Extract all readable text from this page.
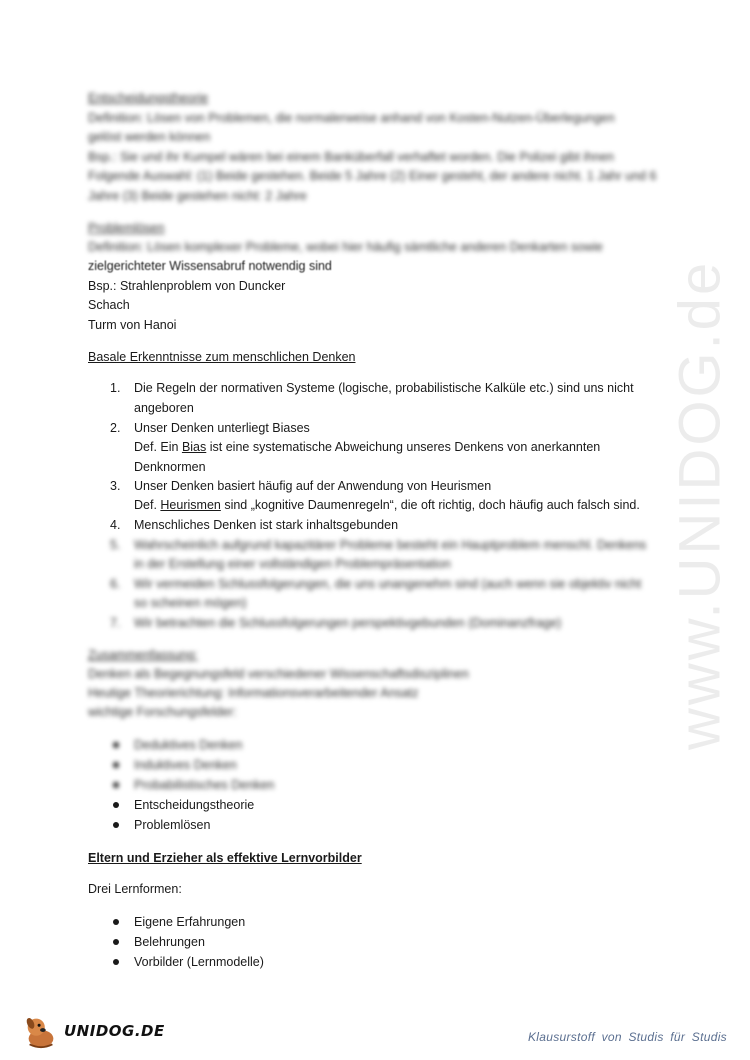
www.UNIDOG.de
Entscheidungstheorie
Definition: Lösen von Problemen, die normalerweise anhand von Kosten-Nutzen-Überlegungen
gelöst werden können
Bsp.: Sie und ihr Kumpel wären bei einem Banküberfall verhaftet worden. Die Polizei gibt ihnen
Folgende Auswahl: (1) Beide gestehen. Beide 5 Jahre (2) Einer gesteht, der andere nicht. 1 Jahr und 6
Jahre (3) Beide gestehen nicht: 2 Jahre
Problemlösen
Definition: Lösen komplexer Probleme, wobei hier häufig sämtliche anderen Denkarten sowie
zielgerichteter Wissensabruf notwendig sind
Bsp.: Strahlenproblem von Duncker
Schach
Turm von Hanoi
Basale Erkenntnisse zum menschlichen Denken
1. Die Regeln der normativen Systeme (logische, probabilistische Kalküle etc.) sind uns nicht
angeboren
2. Unser Denken unterliegt Biases
Def. Ein Bias ist eine systematische Abweichung unseres Denkens von anerkannten
Denknormen
3. Unser Denken basiert häufig auf der Anwendung von Heurismen
Def. Heurismen sind „kognitive Daumenregeln“, die oft richtig, doch häufig auch falsch sind.
4. Menschliches Denken ist stark inhaltsgebunden
5. Wahrscheinlich aufgrund kapazitärer Probleme besteht ein Hauptproblem menschl. Denkens
in der Erstellung einer vollständigen Problempräsentation
6. Wir vermeiden Schlussfolgerungen, die uns unangenehm sind (auch wenn sie objektiv nicht
so scheinen mögen)
7. Wir betrachten die Schlussfolgerungen perspektivgebunden (Dominanzfrage)
Zusammenfassung:
Denken als Begegnungsfeld verschiedener Wissenschaftsdisziplinen
Heutige Theorierichtung: Informationsverarbeitender Ansatz
wichtige Forschungsfelder:
Deduktives Denken
Induktives Denken
Probabilistisches Denken
Entscheidungstheorie
Problemlösen
Eltern und Erzieher als effektive Lernvorbilder
Drei Lernformen:
Eigene Erfahrungen
Belehrungen
Vorbilder (Lernmodelle)
UNIDOG.DE	Klausurstoff von Studis für Studis
